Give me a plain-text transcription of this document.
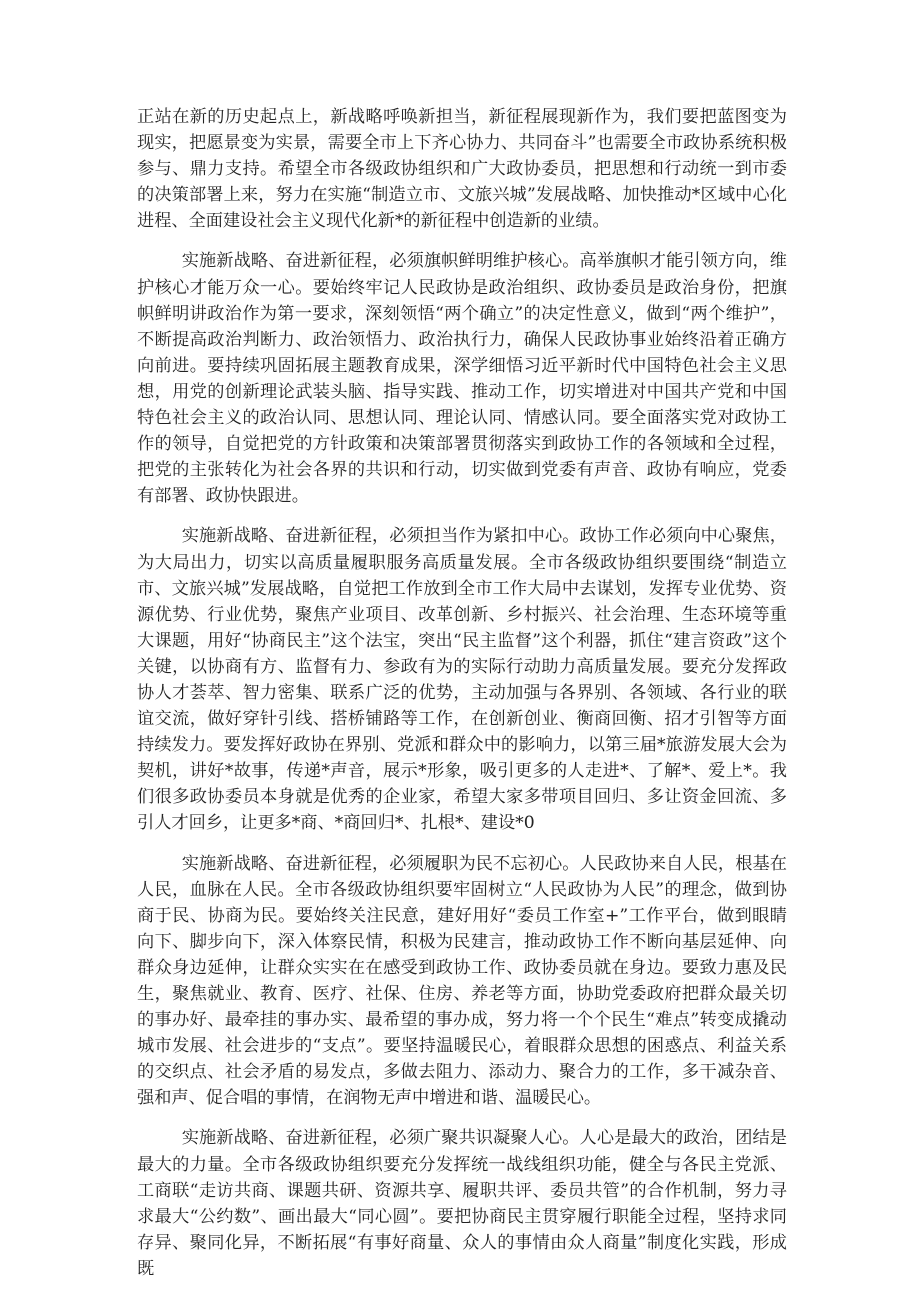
正站在新的历史起点上，新战略呼唤新担当，新征程展现新作为，我们要把蓝图变为现实，把愿景变为实景，需要全市上下齐心协力、共同奋斗”也需要全市政协系统积极参与、鼎力支持。希望全市各级政协组织和广大政协委员，把思想和行动统一到市委的决策部署上来，努力在实施“制造立市、文旅兴城”发展战略、加快推动*区域中心化进程、全面建设社会主义现代化新*的新征程中创造新的业绩。

实施新战略、奋进新征程，必须旗帜鲜明维护核心。高举旗帜才能引领方向，维护核心才能万众一心。要始终牢记人民政协是政治组织、政协委员是政治身份，把旗帜鲜明讲政治作为第一要求，深刻领悟“两个确立”的决定性意义，做到“两个维护”，不断提高政治判断力、政治领悟力、政治执行力，确保人民政协事业始终沿着正确方向前进。要持续巩固拓展主题教育成果，深学细悟习近平新时代中国特色社会主义思想，用党的创新理论武装头脑、指导实践、推动工作，切实增进对中国共产党和中国特色社会主义的政治认同、思想认同、理论认同、情感认同。要全面落实党对政协工作的领导，自觉把党的方针政策和决策部署贯彻落实到政协工作的各领域和全过程，把党的主张转化为社会各界的共识和行动，切实做到党委有声音、政协有响应，党委有部署、政协快跟进。

实施新战略、奋进新征程，必须担当作为紧扣中心。政协工作必须向中心聚焦，为大局出力，切实以高质量履职服务高质量发展。全市各级政协组织要围绕“制造立市、文旅兴城”发展战略，自觉把工作放到全市工作大局中去谋划，发挥专业优势、资源优势、行业优势，聚焦产业项目、改革创新、乡村振兴、社会治理、生态环境等重大课题，用好“协商民主”这个法宝，突出“民主监督”这个利器，抓住“建言资政”这个关键，以协商有方、监督有力、参政有为的实际行动助力高质量发展。要充分发挥政协人才荟萃、智力密集、联系广泛的优势，主动加强与各界别、各领域、各行业的联谊交流，做好穿针引线、搭桥铺路等工作，在创新创业、衡商回衡、招才引智等方面持续发力。要发挥好政协在界别、党派和群众中的影响力，以第三届*旅游发展大会为契机，讲好*故事，传递*声音，展示*形象，吸引更多的人走进*、了解*、爱上*。我们很多政协委员本身就是优秀的企业家，希望大家多带项目回归、多让资金回流、多引人才回乡，让更多*商、*商回归*、扎根*、建设*0

实施新战略、奋进新征程，必须履职为民不忘初心。人民政协来自人民，根基在人民，血脉在人民。全市各级政协组织要牢固树立“人民政协为人民”的理念，做到协商于民、协商为民。要始终关注民意，建好用好“委员工作室+”工作平台，做到眼睛向下、脚步向下，深入体察民情，积极为民建言，推动政协工作不断向基层延伸、向群众身边延伸，让群众实实在在感受到政协工作、政协委员就在身边。要致力惠及民生，聚焦就业、教育、医疗、社保、住房、养老等方面，协助党委政府把群众最关切的事办好、最牵挂的事办实、最希望的事办成，努力将一个个民生“难点”转变成撬动城市发展、社会进步的“支点”。要坚持温暖民心，着眼群众思想的困惑点、利益关系的交织点、社会矛盾的易发点，多做去阻力、添动力、聚合力的工作，多干减杂音、强和声、促合唱的事情，在润物无声中增进和谐、温暖民心。

实施新战略、奋进新征程，必须广聚共识凝聚人心。人心是最大的政治，团结是最大的力量。全市各级政协组织要充分发挥统一战线组织功能，健全与各民主党派、工商联“走访共商、课题共研、资源共享、履职共评、委员共管”的合作机制，努力寻求最大“公约数”、画出最大“同心圆”。要把协商民主贯穿履行职能全过程，坚持求同存异、聚同化异，不断拓展“有事好商量、众人的事情由众人商量”制度化实践，形成既
